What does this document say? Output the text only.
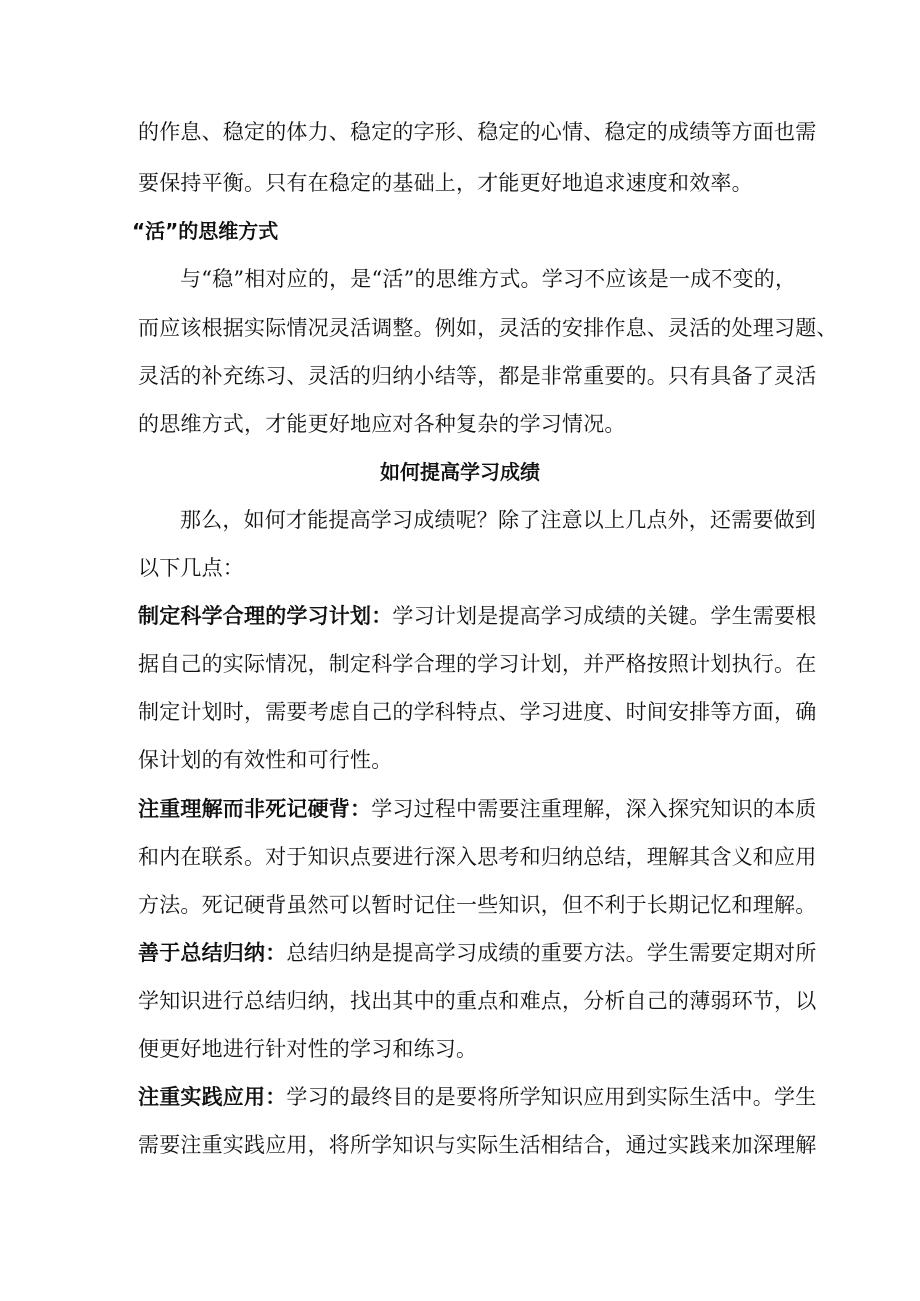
的作息、稳定的体力、稳定的字形、稳定的心情、稳定的成绩等方面也需
要保持平衡。只有在稳定的基础上，才能更好地追求速度和效率。
“活”的思维方式
与“稳”相对应的，是“活”的思维方式。学习不应该是一成不变的，
而应该根据实际情况灵活调整。例如，灵活的安排作息、灵活的处理习题、
灵活的补充练习、灵活的归纳小结等，都是非常重要的。只有具备了灵活
的思维方式，才能更好地应对各种复杂的学习情况。
如何提高学习成绩
那么，如何才能提高学习成绩呢？除了注意以上几点外，还需要做到
以下几点：
制定科学合理的学习计划：学习计划是提高学习成绩的关键。学生需要根
据自己的实际情况，制定科学合理的学习计划，并严格按照计划执行。在
制定计划时，需要考虑自己的学科特点、学习进度、时间安排等方面，确
保计划的有效性和可行性。
注重理解而非死记硬背：学习过程中需要注重理解，深入探究知识的本质
和内在联系。对于知识点要进行深入思考和归纳总结，理解其含义和应用
方法。死记硬背虽然可以暂时记住一些知识，但不利于长期记忆和理解。
善于总结归纳：总结归纳是提高学习成绩的重要方法。学生需要定期对所
学知识进行总结归纳，找出其中的重点和难点，分析自己的薄弱环节，以
便更好地进行针对性的学习和练习。
注重实践应用：学习的最终目的是要将所学知识应用到实际生活中。学生
需要注重实践应用，将所学知识与实际生活相结合，通过实践来加深理解
